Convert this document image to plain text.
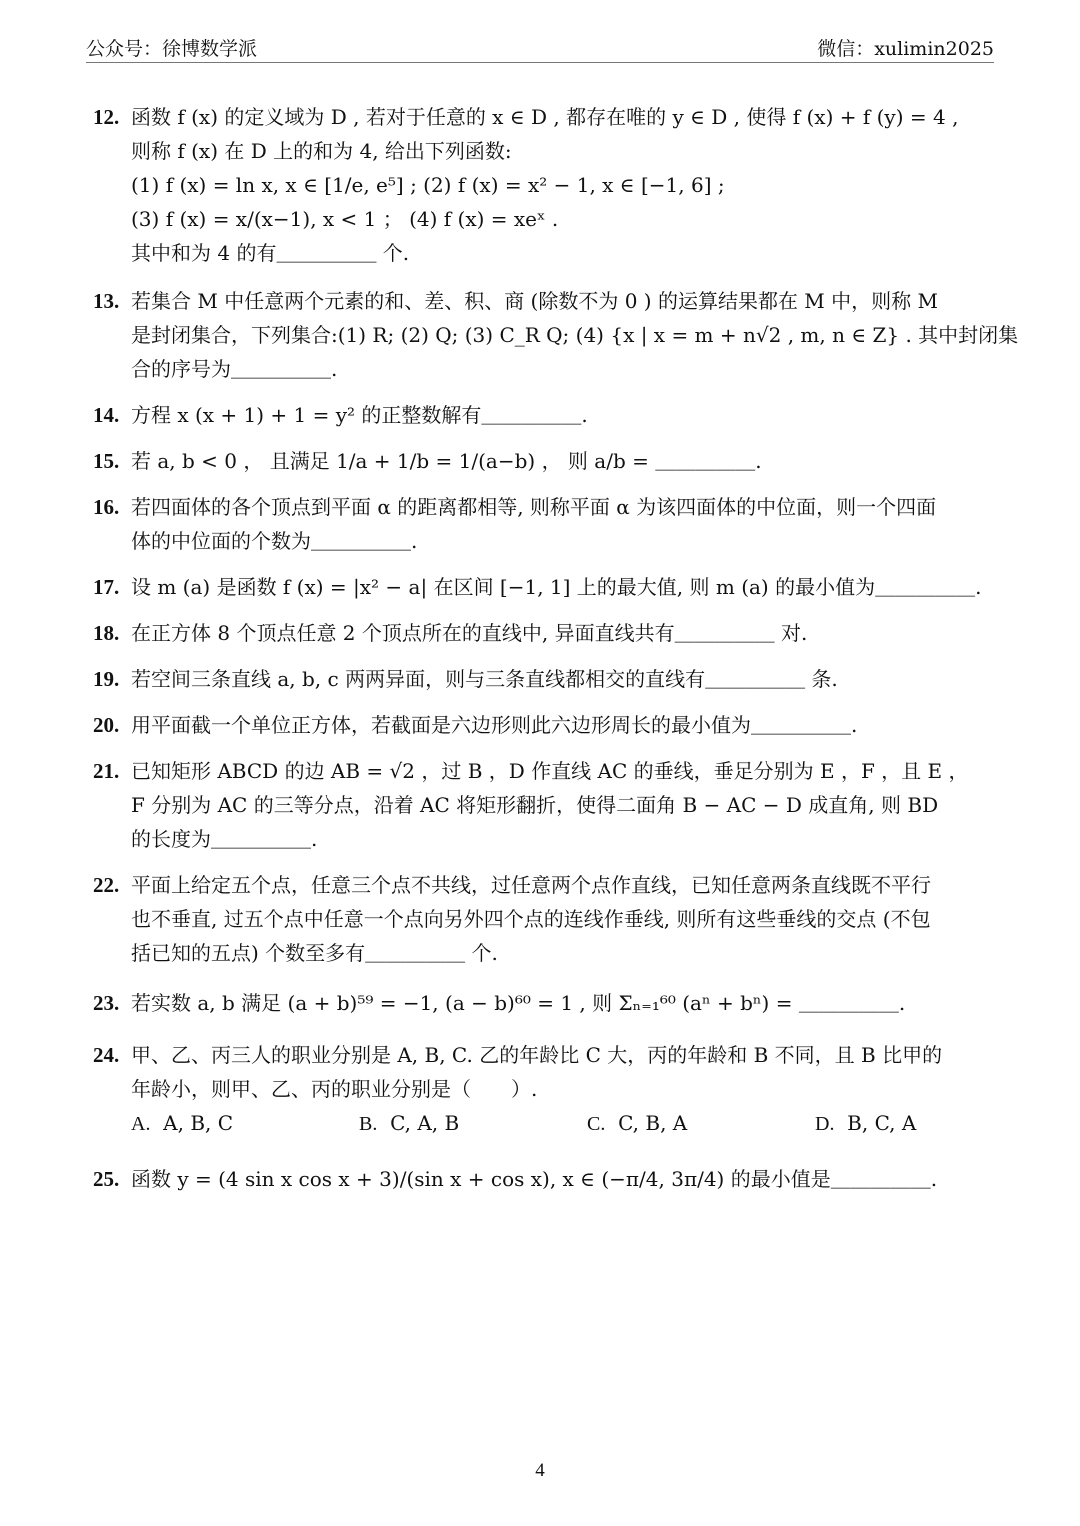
公众号：徐博数学派	微信：xulimin2025
12. 函数 f (x) 的定义域为 D , 若对于任意的 x ∈ D , 都存在唯的 y ∈ D , 使得 f (x) + f (y) = 4 ,
则称 f (x) 在 D 上的和为 4, 给出下列函数:
(1) f (x) = ln x, x ∈ [1/e, e⁵] ; (2) f (x) = x² − 1, x ∈ [−1, 6] ;
(3) f (x) = x/(x−1), x < 1 ； (4) f (x) = xeˣ .
其中和为 4 的有＿＿＿＿＿ 个.
13. 若集合 M 中任意两个元素的和、差、积、商 (除数不为 0 ) 的运算结果都在 M 中，则称 M
是封闭集合，下列集合:(1) R; (2) Q; (3) C_R Q; (4) {x | x = m + n√2 , m, n ∈ Z} . 其中封闭集
合的序号为＿＿＿＿＿.
14. 方程 x (x + 1) + 1 = y² 的正整数解有＿＿＿＿＿.
15. 若 a, b < 0 ， 且满足 1/a + 1/b = 1/(a−b) ， 则 a/b = ＿＿＿＿＿.
16. 若四面体的各个顶点到平面 α 的距离都相等, 则称平面 α 为该四面体的中位面，则一个四面
体的中位面的个数为＿＿＿＿＿.
17. 设 m (a) 是函数 f (x) = |x² − a| 在区间 [−1, 1] 上的最大值, 则 m (a) 的最小值为＿＿＿＿＿.
18. 在正方体 8 个顶点任意 2 个顶点所在的直线中, 异面直线共有＿＿＿＿＿ 对.
19. 若空间三条直线 a, b, c 两两异面，则与三条直线都相交的直线有＿＿＿＿＿ 条.
20. 用平面截一个单位正方体，若截面是六边形则此六边形周长的最小值为＿＿＿＿＿.
21. 已知矩形 ABCD 的边 AB = √2 ，过 B ，D 作直线 AC 的垂线，垂足分别为 E ，F ，且 E ，
F 分别为 AC 的三等分点，沿着 AC 将矩形翻折，使得二面角 B − AC − D 成直角, 则 BD
的长度为＿＿＿＿＿.
22. 平面上给定五个点，任意三个点不共线，过任意两个点作直线，已知任意两条直线既不平行
也不垂直, 过五个点中任意一个点向另外四个点的连线作垂线, 则所有这些垂线的交点 (不包
括已知的五点) 个数至多有＿＿＿＿＿ 个.
23. 若实数 a, b 满足 (a + b)⁵⁹ = −1, (a − b)⁶⁰ = 1 , 则 Σₙ₌₁⁶⁰ (aⁿ + bⁿ) = ＿＿＿＿＿.
24. 甲、乙、丙三人的职业分别是 A, B, C. 乙的年龄比 C 大，丙的年龄和 B 不同，且 B 比甲的
年龄小，则甲、乙、丙的职业分别是（　　）.
A. A, B, C	B. C, A, B	C. C, B, A	D. B, C, A
25. 函数 y = (4 sin x cos x + 3)/(sin x + cos x), x ∈ (−π/4, 3π/4) 的最小值是＿＿＿＿＿.
4
